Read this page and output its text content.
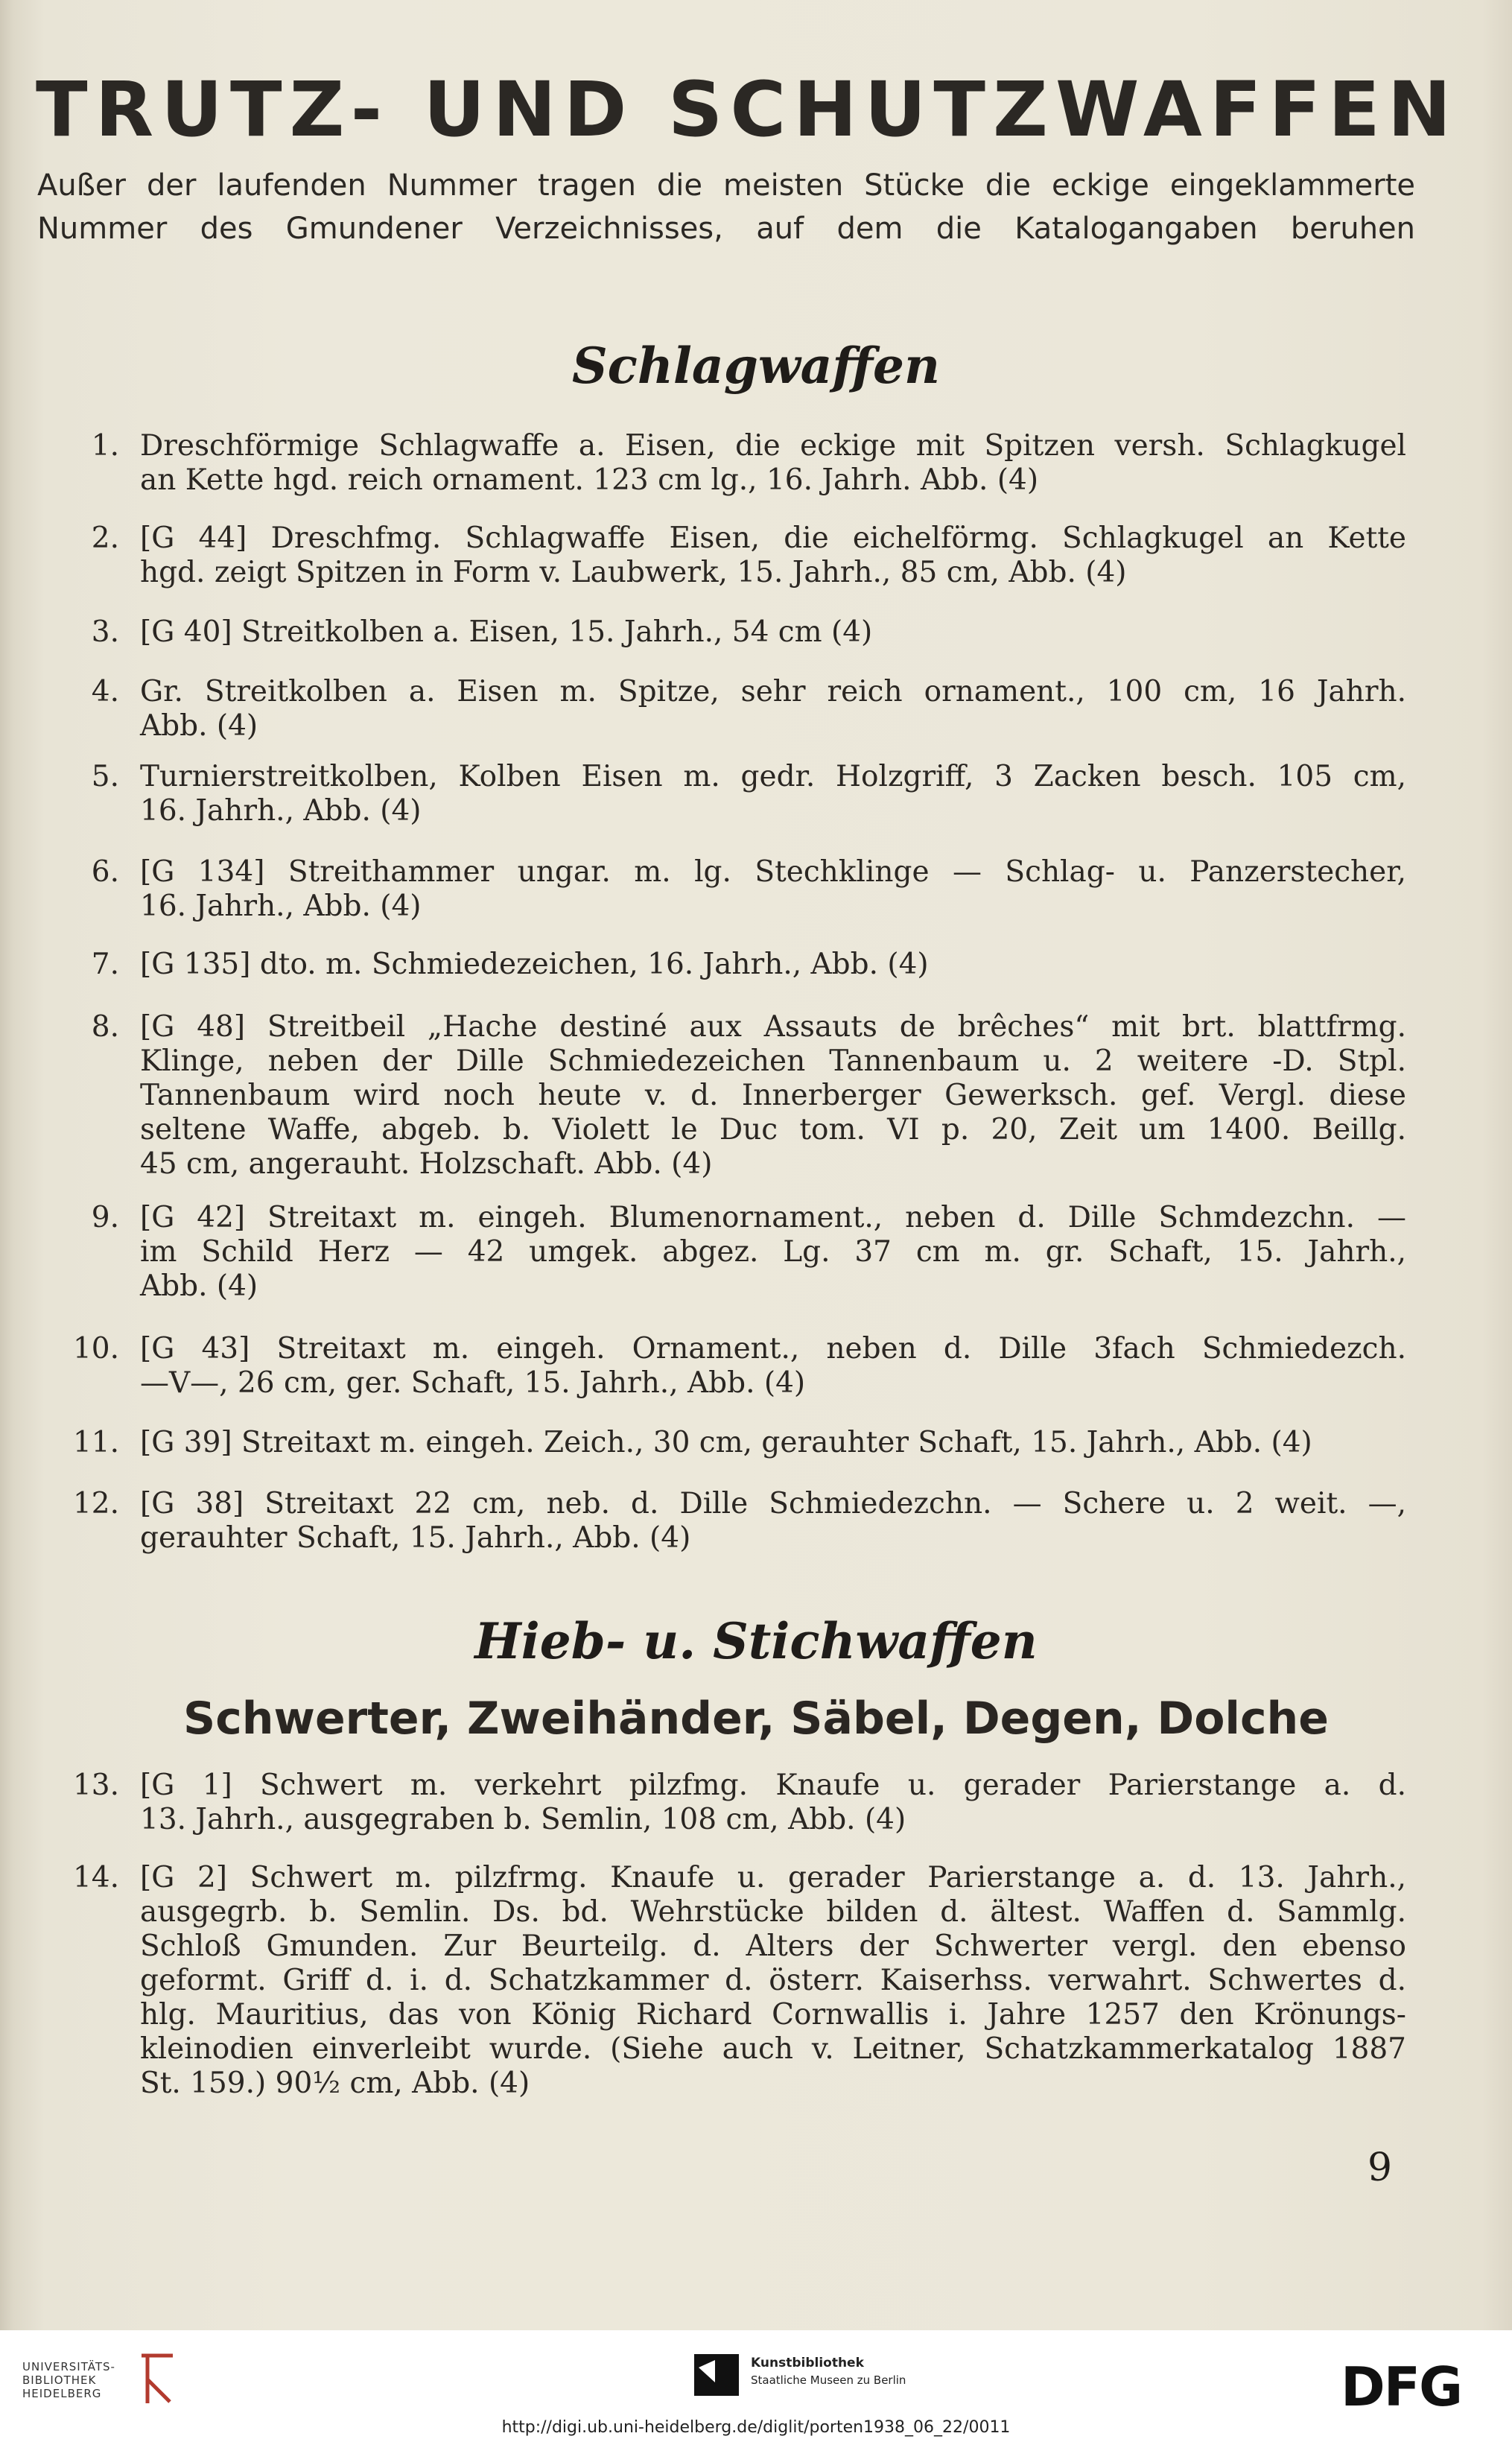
TRUTZ- UND SCHUTZWAFFEN
Außer der laufenden Nummer tragen die meisten Stücke die eckige eingeklammerte
Nummer des Gmundener Verzeichnisses, auf dem die Katalogangaben beruhen
Schlagwaffen
1. Dreschförmige Schlagwaffe a. Eisen, die eckige mit Spitzen versh. Schlagkugel
an Kette hgd. reich ornament. 123 cm lg., 16. Jahrh. Abb. (4)
2. [G 44] Dreschfmg. Schlagwaffe Eisen, die eichelförmg. Schlagkugel an Kette
hgd. zeigt Spitzen in Form v. Laubwerk, 15. Jahrh., 85 cm, Abb. (4)
3. [G 40] Streitkolben a. Eisen, 15. Jahrh., 54 cm (4)
4. Gr. Streitkolben a. Eisen m. Spitze, sehr reich ornament., 100 cm, 16 Jahrh.
Abb. (4)
5. Turnierstreitkolben, Kolben Eisen m. gedr. Holzgriff, 3 Zacken besch. 105 cm,
16. Jahrh., Abb. (4)
6. [G 134] Streithammer ungar. m. lg. Stechklinge — Schlag- u. Panzerstecher,
16. Jahrh., Abb. (4)
7. [G 135] dto. m. Schmiedezeichen, 16. Jahrh., Abb. (4)
8. [G 48] Streitbeil „Hache destiné aux Assauts de brêches“ mit brt. blattfrmg.
Klinge, neben der Dille Schmiedezeichen Tannenbaum u. 2 weitere -D. Stpl.
Tannenbaum wird noch heute v. d. Innerberger Gewerksch. gef. Vergl. diese
seltene Waffe, abgeb. b. Violett le Duc tom. VI p. 20, Zeit um 1400. Beillg.
45 cm, angerauht. Holzschaft. Abb. (4)
9. [G 42] Streitaxt m. eingeh. Blumenornament., neben d. Dille Schmdezchn. —
im Schild Herz — 42 umgek. abgez. Lg. 37 cm m. gr. Schaft, 15. Jahrh.,
Abb. (4)
10. [G 43] Streitaxt m. eingeh. Ornament., neben d. Dille 3fach Schmiedezch.
—V—, 26 cm, ger. Schaft, 15. Jahrh., Abb. (4)
11. [G 39] Streitaxt m. eingeh. Zeich., 30 cm, gerauhter Schaft, 15. Jahrh., Abb. (4)
12. [G 38] Streitaxt 22 cm, neb. d. Dille Schmiedezchn. — Schere u. 2 weit. —,
gerauhter Schaft, 15. Jahrh., Abb. (4)
Hieb- u. Stichwaffen
Schwerter, Zweihänder, Säbel, Degen, Dolche
13. [G 1] Schwert m. verkehrt pilzfmg. Knaufe u. gerader Parierstange a. d.
13. Jahrh., ausgegraben b. Semlin, 108 cm, Abb. (4)
14. [G 2] Schwert m. pilzfrmg. Knaufe u. gerader Parierstange a. d. 13. Jahrh.,
ausgegrb. b. Semlin. Ds. bd. Wehrstücke bilden d. ältest. Waffen d. Sammlg.
Schloß Gmunden. Zur Beurteilg. d. Alters der Schwerter vergl. den ebenso
geformt. Griff d. i. d. Schatzkammer d. österr. Kaiserhss. verwahrt. Schwertes d.
hlg. Mauritius, das von König Richard Cornwallis i. Jahre 1257 den Krönungs-
kleinodien einverleibt wurde. (Siehe auch v. Leitner, Schatzkammerkatalog 1887
St. 159.) 90½ cm, Abb. (4)
9
UNIVERSITÄTS-
BIBLIOTHEK
HEIDELBERG
Kunstbibliothek
Staatliche Museen zu Berlin	DFG
http://digi.ub.uni-heidelberg.de/diglit/porten1938_06_22/0011
